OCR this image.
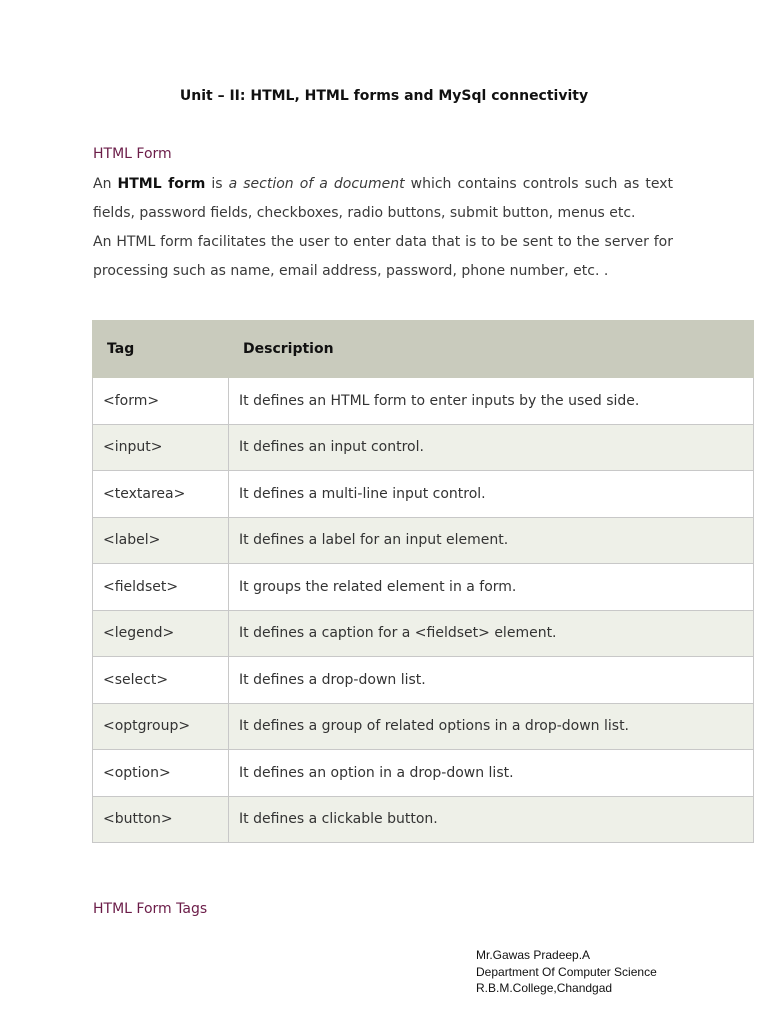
Unit – II: HTML, HTML forms and MySql connectivity
HTML Form

An HTML form is a section of a document which contains controls such as text fields, password fields, checkboxes, radio buttons, submit button, menus etc.

An HTML form facilitates the user to enter data that is to be sent to the server for processing such as name, email address, password, phone number, etc. .

Tag	Description
<form>	It defines an HTML form to enter inputs by the used side.
<input>	It defines an input control.
<textarea>	It defines a multi-line input control.
<label>	It defines a label for an input element.
<fieldset>	It groups the related element in a form.
<legend>	It defines a caption for a <fieldset> element.
<select>	It defines a drop-down list.
<optgroup>	It defines a group of related options in a drop-down list.
<option>	It defines an option in a drop-down list.
<button>	It defines a clickable button.
HTML Form Tags
Mr.Gawas Pradeep.A
Department Of Computer Science
R.B.M.College,Chandgad
